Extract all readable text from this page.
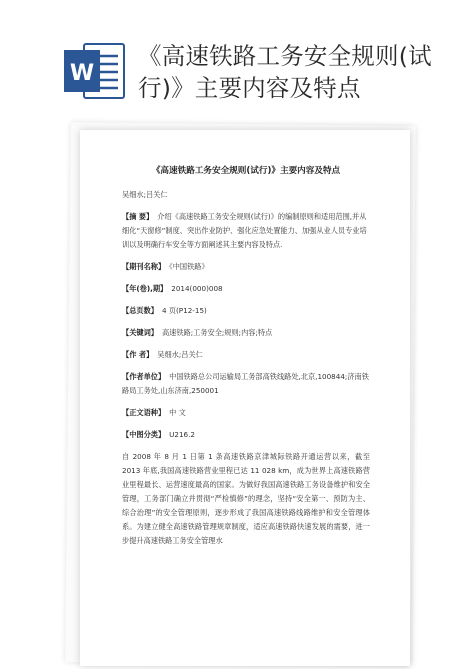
W
《高速铁路工务安全规则(试
行)》主要内容及特点
《高速铁路工务安全规则(试行)》主要内容及特点
吴细水;吕关仁
【摘 要】 介绍《高速铁路工务安全规则(试行)》的编制原则和适用范围,并从细化“天窗修”制度、突出作业防护、强化应急处置能力、加强从业人员专业培训以及明确行车安全等方面阐述其主要内容及特点.
【期刊名称】 《中国铁路》
【年(卷),期】 2014(000)008
【总页数】 4 页(P12-15)
【关键词】 高速铁路;工务安全;规则;内容;特点
【作 者】 吴细水;吕关仁
【作者单位】 中国铁路总公司运输局工务部高铁线路处,北京,100844;济南铁路局工务处,山东济南,250001
【正文语种】 中 文
【中图分类】 U216.2
自 2008 年 8 月 1 日第 1 条高速铁路京津城际铁路开通运营以来，截至 2013 年底,我国高速铁路营业里程已达 11 028 km，成为世界上高速铁路营业里程最长、运营速度最高的国家。为做好我国高速铁路工务设备维护和安全管理，工务部门确立并贯彻“严检慎修”的理念，坚持“安全第一、预防为主、综合治理”的安全管理原则，逐步形成了我国高速铁路线路维护和安全管理体系。为建立健全高速铁路管理规章制度，适应高速铁路快速发展的需要，进一步提升高速铁路工务安全管理水
